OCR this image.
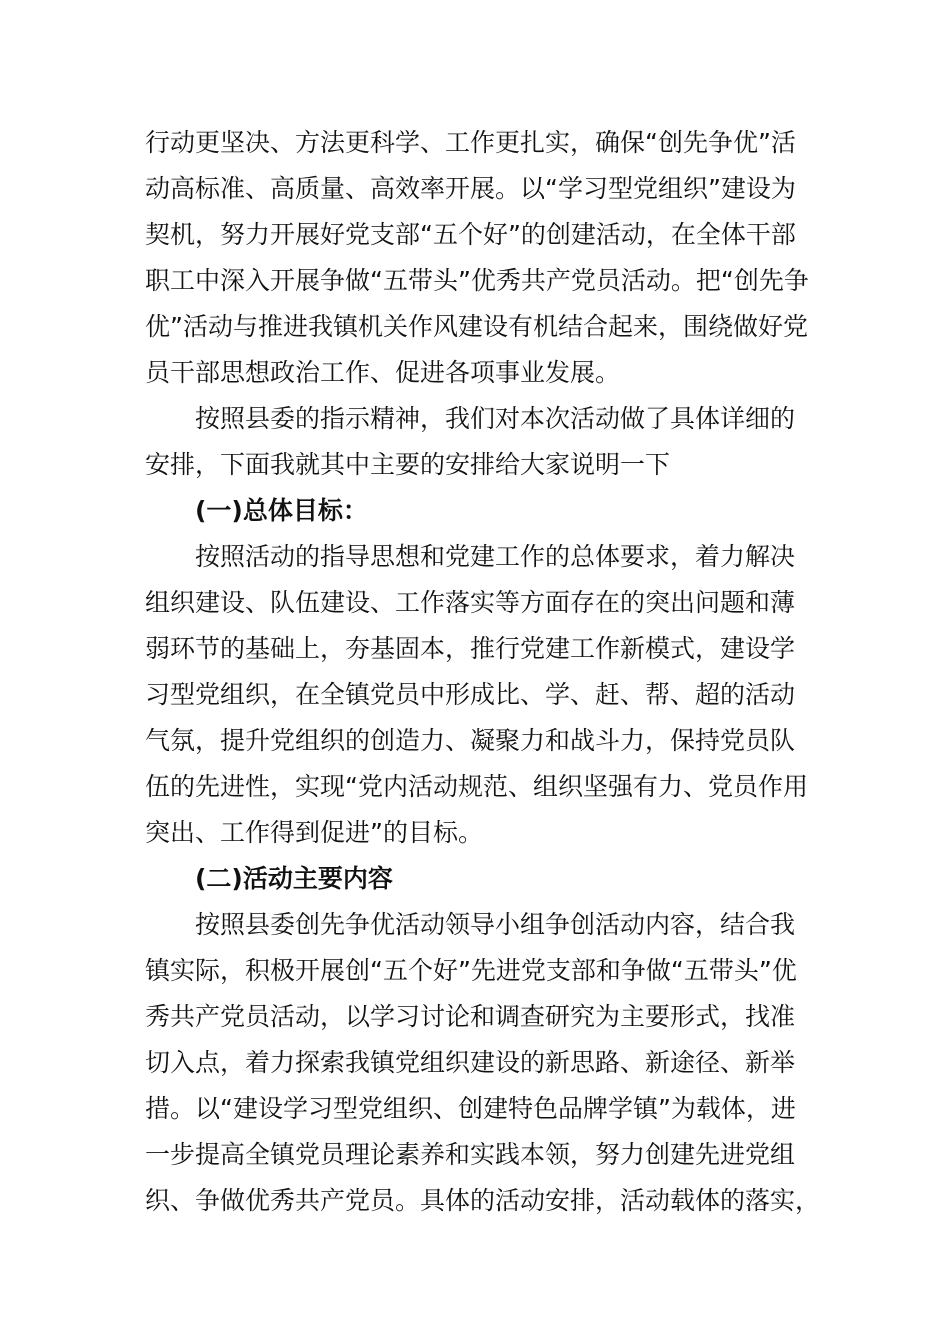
行动更坚决、方法更科学、工作更扎实，确保“创先争优”活
动高标准、高质量、高效率开展。以“学习型党组织”建设为
契机，努力开展好党支部“五个好”的创建活动，在全体干部
职工中深入开展争做“五带头”优秀共产党员活动。把“创先争
优”活动与推进我镇机关作风建设有机结合起来，围绕做好党
员干部思想政治工作、促进各项事业发展。
按照县委的指示精神，我们对本次活动做了具体详细的
安排，下面我就其中主要的安排给大家说明一下
(一)总体目标：
按照活动的指导思想和党建工作的总体要求，着力解决
组织建设、队伍建设、工作落实等方面存在的突出问题和薄
弱环节的基础上，夯基固本，推行党建工作新模式，建设学
习型党组织，在全镇党员中形成比、学、赶、帮、超的活动
气氛，提升党组织的创造力、凝聚力和战斗力，保持党员队
伍的先进性，实现“党内活动规范、组织坚强有力、党员作用
突出、工作得到促进”的目标。
(二)活动主要内容
按照县委创先争优活动领导小组争创活动内容，结合我
镇实际，积极开展创“五个好”先进党支部和争做“五带头”优
秀共产党员活动，以学习讨论和调查研究为主要形式，找准
切入点，着力探索我镇党组织建设的新思路、新途径、新举
措。以“建设学习型党组织、创建特色品牌学镇”为载体，进
一步提高全镇党员理论素养和实践本领，努力创建先进党组
织、争做优秀共产党员。具体的活动安排，活动载体的落实，
